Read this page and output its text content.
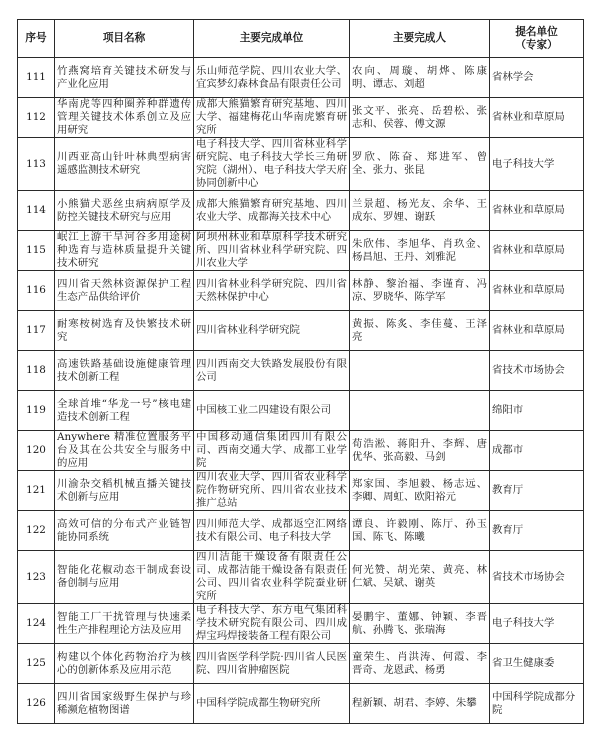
序号	项目名称	主要完成单位	主要完成人	提名单位
（专家）
111	竹燕窝培育关键技术研发与产业化应用	乐山师范学院、四川农业大学、宜宾梦幻森林食品有限责任公司	农向、周璇、胡烨、陈康明、谭志、刘超	省林学会
112	华南虎等四种圈养种群遗传管理关键技术体系创立及应用研究	成都大熊猫繁育研究基地、四川大学、福建梅花山华南虎繁育研究所	张文平、张亮、岳碧松、张志和、侯蓉、傅文源	省林业和草原局
113	川西亚高山针叶林典型病害遥感监测技术研究	电子科技大学、四川省林业科学研究院、电子科技大学长三角研究院（湖州）、电子科技大学天府协同创新中心	罗欣、陈奋、郑进军、曾全、张力、张昆	电子科技大学
114	小熊猫犬恶丝虫病病原学及防控关键技术研究与应用	成都大熊猫繁育研究基地、四川农业大学、成都海关技术中心	兰景超、杨光友、余华、王成东、罗娌、谢跃	省林业和草原局
115	岷江上游干旱河谷多用途树种选育与造林质量提升关键技术研究	阿坝州林业和草原科学技术研究所、四川省林业科学研究院、四川农业大学	朱欣伟、李旭华、肖玖金、杨昌旭、王丹、刘雅泥	省林业和草原局
116	四川省天然林资源保护工程生态产品供给评价	四川省林业科学研究院、四川省天然林保护中心	林静、黎治福、李谨育、冯凉、罗晓华、陈学军	省林业和草原局
117	耐寒桉树选育及快繁技术研究	四川省林业科学研究院	黄振、陈炙、李佳蔓、王泽亮	省林业和草原局
118	高速铁路基础设施健康管理技术创新工程	四川西南交大铁路发展股份有限公司		省技术市场协会
119	全球首堆“华龙一号”核电建造技术创新工程	中国核工业二四建设有限公司		绵阳市
120	Anywhere 精准位置服务平台及其在公共安全与服务中的应用	中国移动通信集团四川有限公司、西南交通大学、成都工业学院	荀浩淞、蒋阳升、李辉、唐优华、张高毅、马剑	成都市
121	川渝杂交稻机械直播关键技术创新与应用	四川农业大学、四川省农业科学院作物研究所、四川省农业技术推广总站	郑家国、李旭毅、杨志远、李卿、周虹、欧阳裕元	教育厅
122	高效可信的分布式产业链智能协同系统	四川师范大学、成都返空汇网络技术有限公司、电子科技大学	谭良、许毅刚、陈厅、孙玉国、陈飞、陈曦	教育厅
123	智能化花椒动态干制成套设备创制与应用	四川洁能干燥设备有限责任公司、成都洁能干燥设备有限责任公司、四川省农业科学院蚕业研究所	何光赞、胡光荣、黄亮、林仁斌、吴斌、谢英	省技术市场协会
124	智能工厂干扰管理与快速柔性生产排程理论方法及应用	电子科技大学、东方电气集团科学技术研究院有限公司、四川成焊宝玛焊接装备工程有限公司	晏鹏宇、董娜、钟颖、李晋航、孙腾飞、张瑞海	电子科技大学
125	构建以个体化药物治疗为核心的创新体系及应用示范	四川省医学科学院·四川省人民医院、四川省肿瘤医院	童荣生、肖洪涛、何霞、李晋奇、龙恩武、杨勇	省卫生健康委
126	四川省国家级野生保护与珍稀濒危植物图谱	中国科学院成都生物研究所	程新颖、胡君、李婷、朱攀	中国科学院成都分院
